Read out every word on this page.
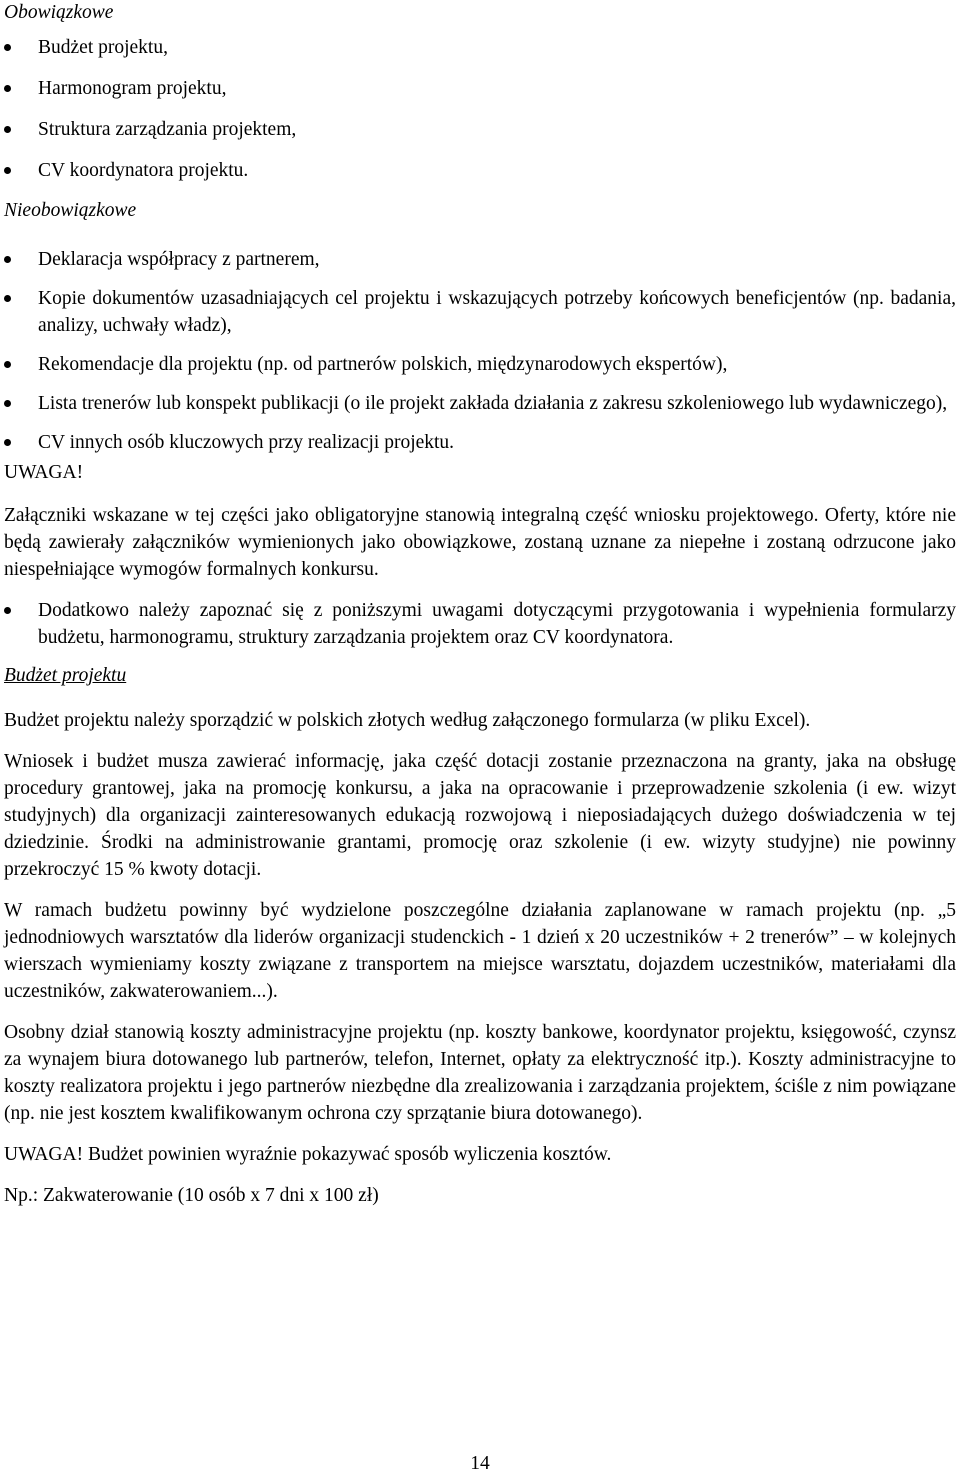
Obowiązkowe

Budżet projektu,
Harmonogram projektu,
Struktura zarządzania projektem,
CV koordynatora projektu.

Nieobowiązkowe

Deklaracja współpracy z partnerem,
Kopie dokumentów uzasadniających cel projektu i wskazujących potrzeby końcowych beneficjentów (np. badania, analizy, uchwały władz),
Rekomendacje dla projektu (np. od partnerów polskich, międzynarodowych ekspertów),
Lista trenerów lub konspekt publikacji (o ile projekt zakłada działania z zakresu szkoleniowego lub wydawniczego),
CV innych osób kluczowych przy realizacji projektu.

UWAGA!

Załączniki wskazane w tej części jako obligatoryjne stanowią integralną część wniosku projektowego. Oferty, które nie będą zawierały załączników wymienionych jako obowiązkowe, zostaną uznane za niepełne i zostaną odrzucone jako niespełniające wymogów formalnych konkursu.

Dodatkowo należy zapoznać się z poniższymi uwagami dotyczącymi przygotowania i wypełnienia formularzy budżetu, harmonogramu, struktury zarządzania projektem oraz CV koordynatora.

Budżet projektu

Budżet projektu należy sporządzić w polskich złotych według załączonego formularza (w pliku Excel).

Wniosek i budżet musza zawierać informację, jaka część dotacji zostanie przeznaczona na granty, jaka na obsługę procedury grantowej, jaka na promocję konkursu, a jaka na opracowanie i przeprowadzenie szkolenia (i ew. wizyt studyjnych) dla organizacji zainteresowanych edukacją rozwojową i nieposiadających dużego doświadczenia w tej dziedzinie. Środki na administrowanie grantami, promocję oraz szkolenie (i ew. wizyty studyjne) nie powinny przekroczyć 15 % kwoty dotacji.

W ramach budżetu powinny być wydzielone poszczególne działania zaplanowane w ramach projektu (np. „5 jednodniowych warsztatów dla liderów organizacji studenckich - 1 dzień x 20 uczestników + 2 trenerów” – w kolejnych wierszach wymieniamy koszty związane z transportem na miejsce warsztatu, dojazdem uczestników, materiałami dla uczestników, zakwaterowaniem...).

Osobny dział stanowią koszty administracyjne projektu (np. koszty bankowe, koordynator projektu, księgowość, czynsz za wynajem biura dotowanego lub partnerów, telefon, Internet, opłaty za elektryczność itp.). Koszty administracyjne to koszty realizatora projektu i jego partnerów niezbędne dla zrealizowania i zarządzania projektem, ściśle z nim powiązane (np. nie jest kosztem kwalifikowanym ochrona czy sprzątanie biura dotowanego).

UWAGA! Budżet powinien wyraźnie pokazywać sposób wyliczenia kosztów.

Np.: Zakwaterowanie (10 osób x 7 dni x 100 zł)

14
